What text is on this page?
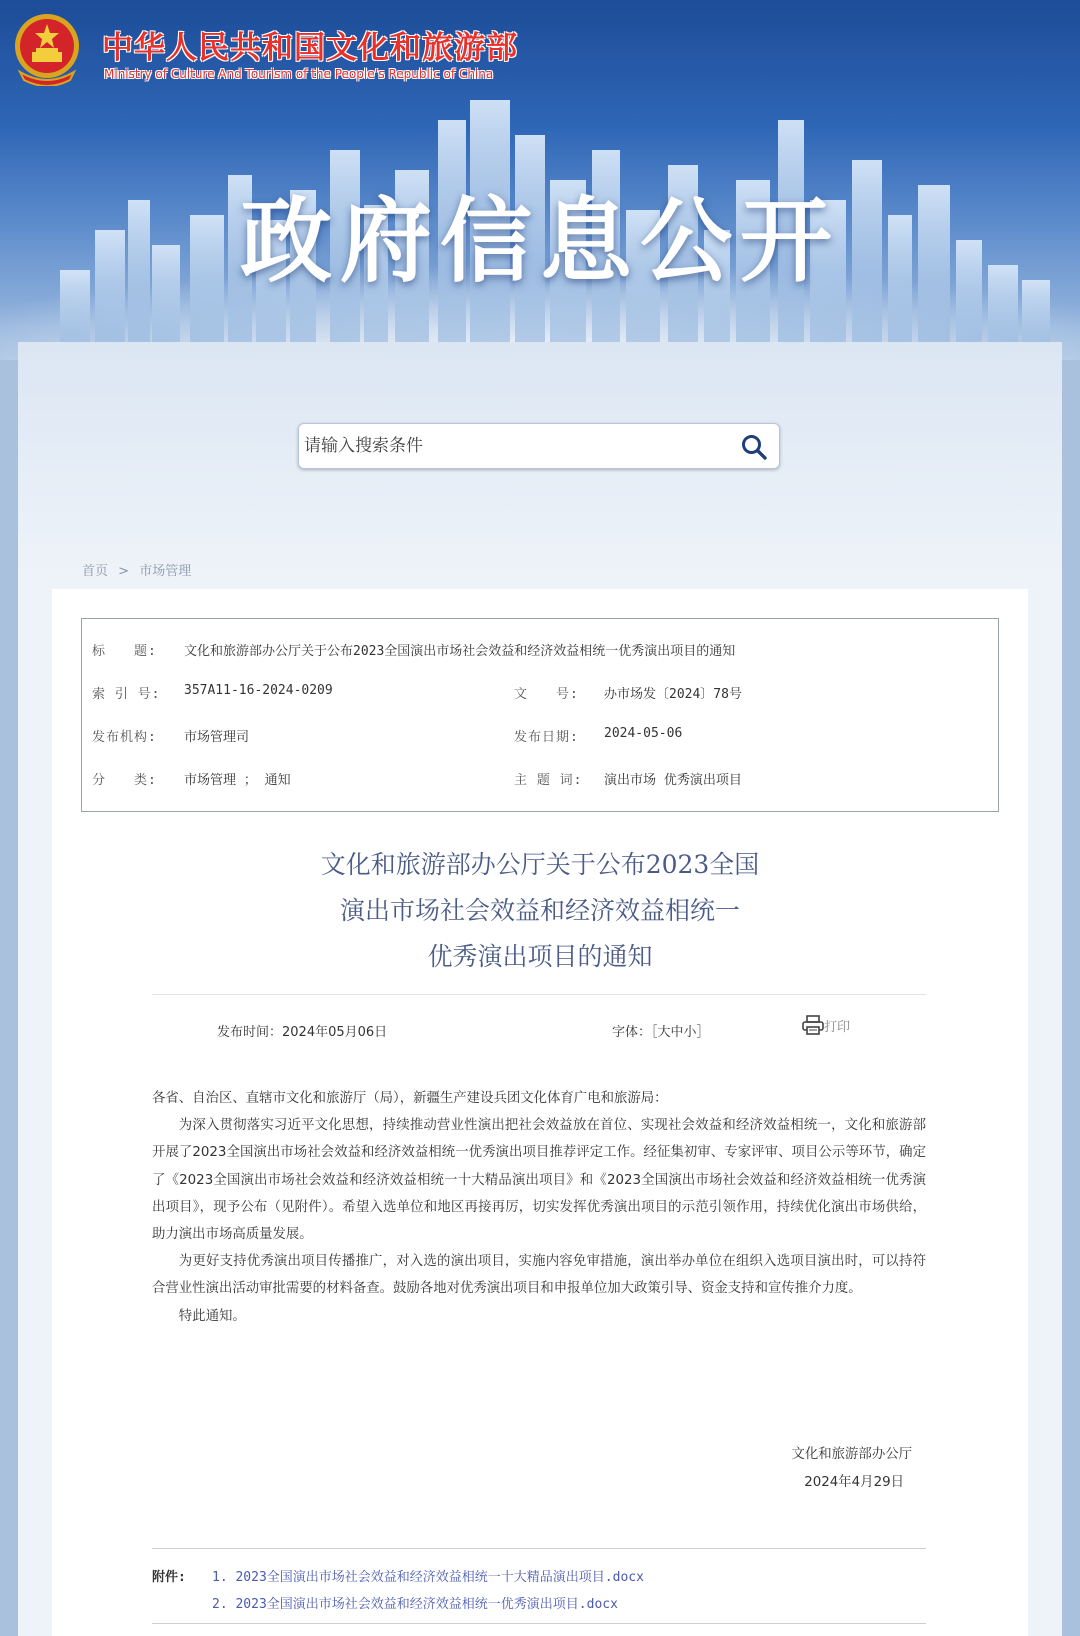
中华人民共和国文化和旅游部
Ministry of Culture And Tourism of the People’s Republic of China
政府信息公开
请输入搜索条件
首页 > 市场管理
标　　题: 文化和旅游部办公厅关于公布2023全国演出市场社会效益和经济效益相统一优秀演出项目的通知
索 引 号: 357A11-16-2024-0209	文　　号: 办市场发〔2024〕78号
发布机构: 市场管理司	发布日期: 2024-05-06
分　　类: 市场管理 ； 通知	主 题 词: 演出市场 优秀演出项目
文化和旅游部办公厅关于公布2023全国
演出市场社会效益和经济效益相统一
优秀演出项目的通知
发布时间：2024年05月06日	字体：［大中小］	打印

各省、自治区、直辖市文化和旅游厅（局），新疆生产建设兵团文化体育广电和旅游局：

为深入贯彻落实习近平文化思想，持续推动营业性演出把社会效益放在首位、实现社会效益和经济效益相统一，文化和旅游部开展了2023全国演出市场社会效益和经济效益相统一优秀演出项目推荐评定工作。经征集初审、专家评审、项目公示等环节，确定了《2023全国演出市场社会效益和经济效益相统一十大精品演出项目》和《2023全国演出市场社会效益和经济效益相统一优秀演出项目》，现予公布（见附件）。希望入选单位和地区再接再厉，切实发挥优秀演出项目的示范引领作用，持续优化演出市场供给，助力演出市场高质量发展。

为更好支持优秀演出项目传播推广，对入选的演出项目，实施内容免审措施，演出举办单位在组织入选项目演出时，可以持符合营业性演出活动审批需要的材料备查。鼓励各地对优秀演出项目和申报单位加大政策引导、资金支持和宣传推介力度。

特此通知。

文化和旅游部办公厅
2024年4月29日
附件: 1. 2023全国演出市场社会效益和经济效益相统一十大精品演出项目.docx
2. 2023全国演出市场社会效益和经济效益相统一优秀演出项目.docx
